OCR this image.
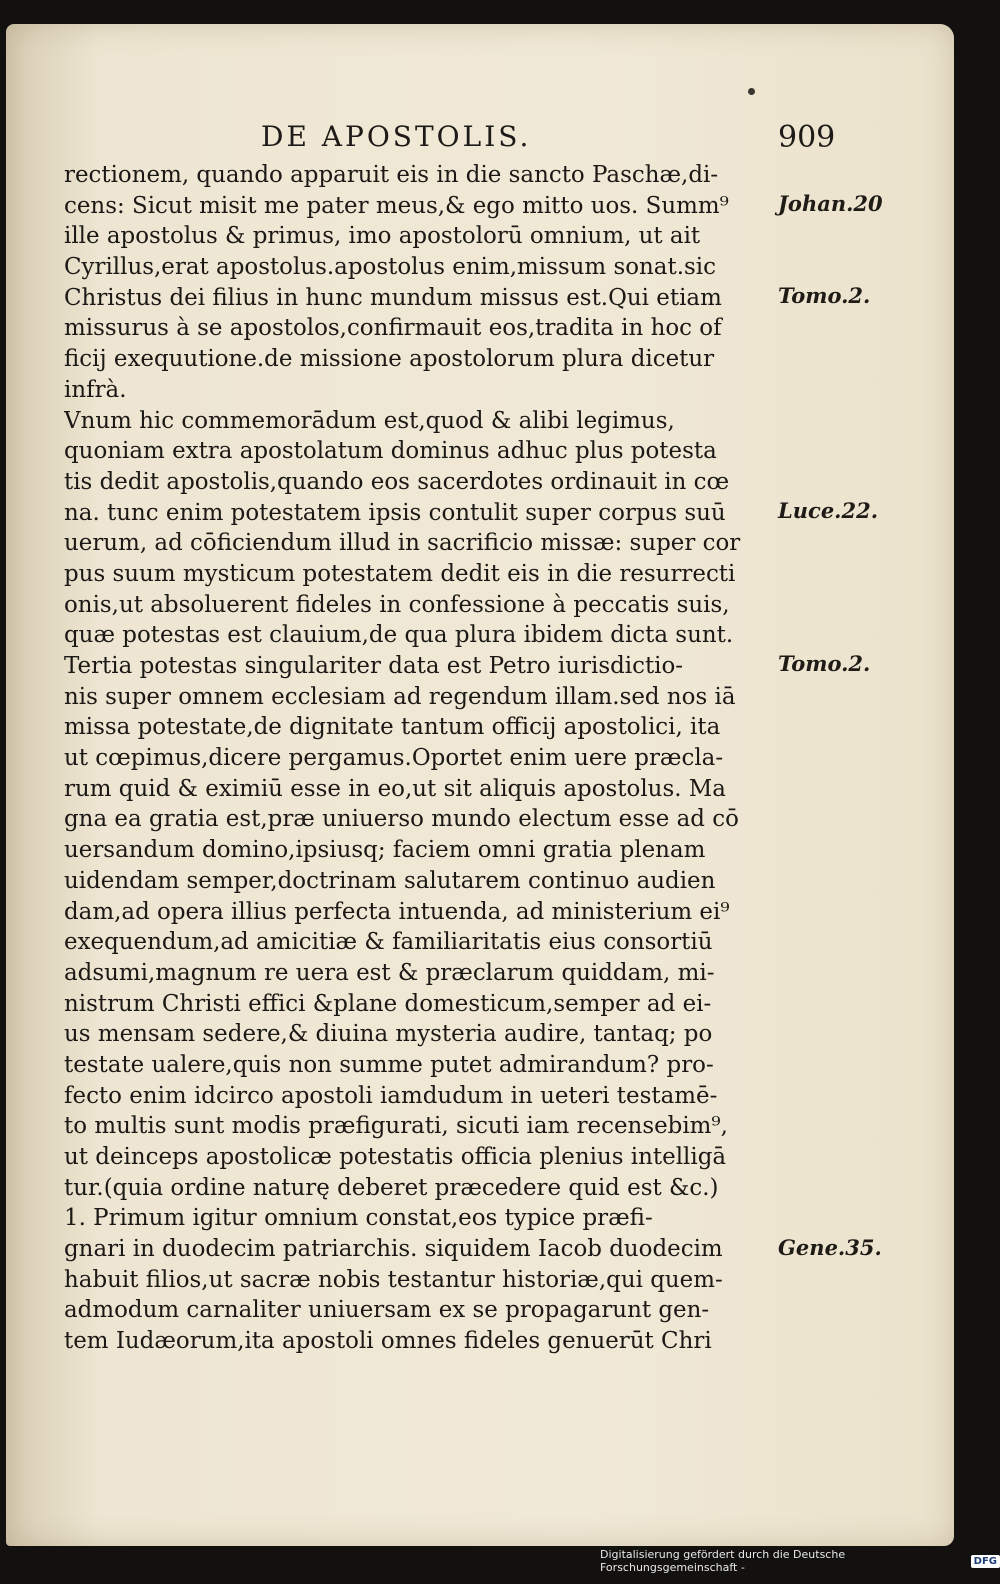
DE APOSTOLIS.	909
rectionem, quando apparuit eis in die sancto Paschæ,di-
cens: Sicut misit me pater meus,& ego mitto uos. Summ⁹
ille apostolus & primus, imo apostolorū omnium, ut ait
Cyrillus,erat apostolus.apostolus enim,missum sonat.sic
Christus dei filius in hunc mundum missus est.Qui etiam
missurus à se apostolos,confirmauit eos,tradita in hoc of
ficij exequutione.de missione apostolorum plura dicetur
infrà.
Vnum hic commemorādum est,quod & alibi legimus,
quoniam extra apostolatum dominus adhuc plus potesta
tis dedit apostolis,quando eos sacerdotes ordinauit in cœ
na. tunc enim potestatem ipsis contulit super corpus suū
uerum, ad cōficiendum illud in sacrificio missæ: super cor
pus suum mysticum potestatem dedit eis in die resurrecti
onis,ut absoluerent fideles in confessione à peccatis suis,
quæ potestas est clauium,de qua plura ibidem dicta sunt.
Tertia potestas singulariter data est Petro iurisdictio-
nis super omnem ecclesiam ad regendum illam.sed nos iā
missa potestate,de dignitate tantum officij apostolici, ita
ut cœpimus,dicere pergamus.Oportet enim uere præcla-
rum quid & eximiū esse in eo,ut sit aliquis apostolus. Ma
gna ea gratia est,præ uniuerso mundo electum esse ad cō
uersandum domino,ipsiusq; faciem omni gratia plenam
uidendam semper,doctrinam salutarem continuo audien
dam,ad opera illius perfecta intuenda, ad ministerium ei⁹
exequendum,ad amicitiæ & familiaritatis eius consortiū
adsumi,magnum re uera est & præclarum quiddam, mi-
nistrum Christi effici &plane domesticum,semper ad ei-
us mensam sedere,& diuina mysteria audire, tantaq; po
testate ualere,quis non summe putet admirandum? pro-
fecto enim idcirco apostoli iamdudum in ueteri testamē-
to multis sunt modis præfigurati, sicuti iam recensebim⁹,
ut deinceps apostolicæ potestatis officia plenius intelligā
tur.(quia ordine naturę deberet præcedere quid est &c.)
1. Primum igitur omnium constat,eos typice præfi-
gnari in duodecim patriarchis. siquidem Iacob duodecim
habuit filios,ut sacræ nobis testantur historiæ,qui quem-
admodum carnaliter uniuersam ex se propagarunt gen-
tem Iudæorum,ita apostoli omnes fideles genuerūt Chri
Johan.20
Tomo.2.
Luce.22.
Tomo.2.
Gene.35.
Digitalisierung gefördert durch die Deutsche Forschungsgemeinschaft -	DFG
